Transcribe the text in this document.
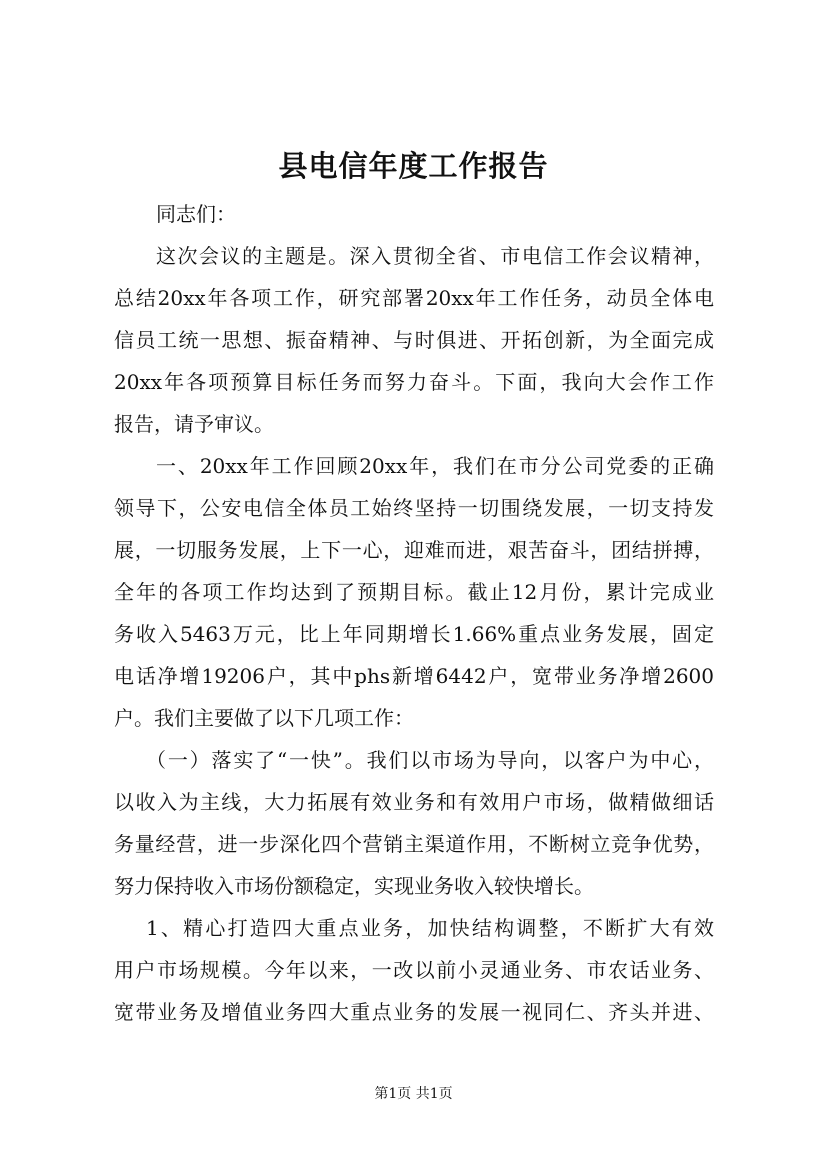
县电信年度工作报告
同志们：
这次会议的主题是。深入贯彻全省、市电信工作会议精神，
总结20xx年各项工作，研究部署20xx年工作任务，动员全体电
信员工统一思想、振奋精神、与时俱进、开拓创新，为全面完成
20xx年各项预算目标任务而努力奋斗。下面，我向大会作工作
报告，请予审议。
一、20xx年工作回顾20xx年，我们在市分公司党委的正确
领导下，公安电信全体员工始终坚持一切围绕发展，一切支持发
展，一切服务发展，上下一心，迎难而进，艰苦奋斗，团结拼搏，
全年的各项工作均达到了预期目标。截止12月份，累计完成业
务收入5463万元，比上年同期增长1.66%重点业务发展，固定
电话净增19206户，其中phs新增6442户，宽带业务净增2600
户。我们主要做了以下几项工作：
（一）落实了“一快”。我们以市场为导向，以客户为中心，
以收入为主线，大力拓展有效业务和有效用户市场，做精做细话
务量经营，进一步深化四个营销主渠道作用，不断树立竞争优势，
努力保持收入市场份额稳定，实现业务收入较快增长。
1、精心打造四大重点业务，加快结构调整，不断扩大有效
用户市场规模。今年以来，一改以前小灵通业务、市农话业务、
宽带业务及增值业务四大重点业务的发展一视同仁、齐头并进、
第1页 共1页
